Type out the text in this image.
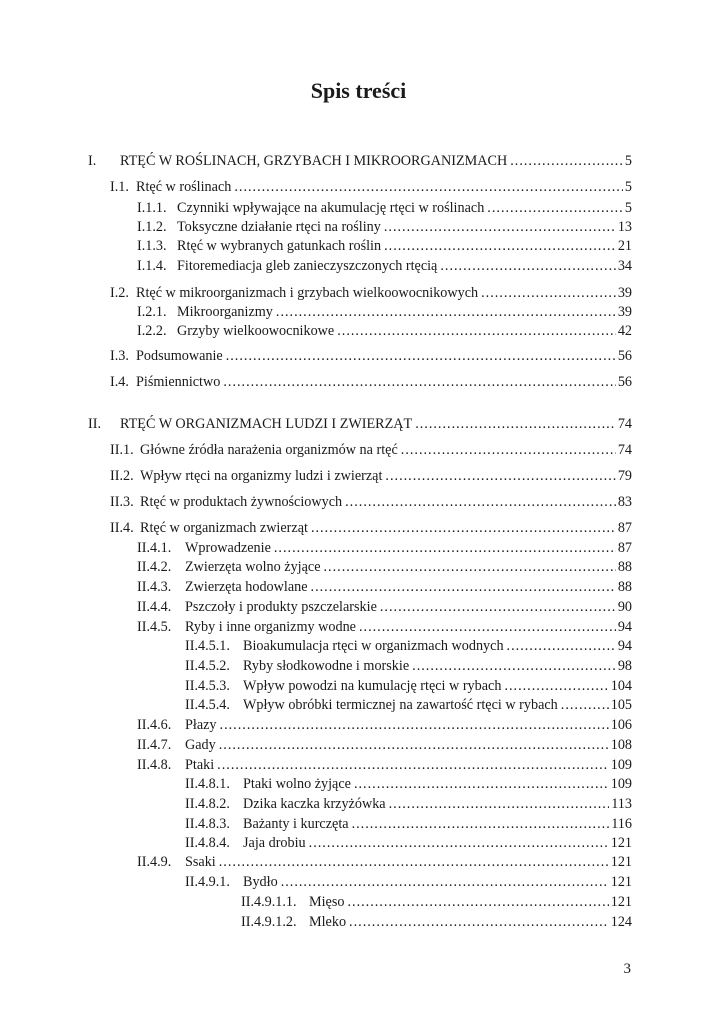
Spis treści
I.	RTĘĆ W ROŚLINACH, GRZYBACH I MIKROORGANIZMACH .....	5
I.1. Rtęć w roślinach .....	5
I.1.1. Czynniki wpływające na akumulację rtęci w roślinach .....	5
I.1.2. Toksyczne działanie rtęci na rośliny .....	13
I.1.3. Rtęć w wybranych gatunkach roślin .....	21
I.1.4. Fitoremediacja gleb zanieczyszczonych rtęcią .....	34
I.2. Rtęć w mikroorganizmach i grzybach wielkoowocnikowych .....	39
I.2.1. Mikroorganizmy .....	39
I.2.2. Grzyby wielkoowocnikowe .....	42
I.3. Podsumowanie .....	56
I.4. Piśmiennictwo .....	56
II.	RTĘĆ W ORGANIZMACH LUDZI I ZWIERZĄT .....	74
II.1. Główne źródła narażenia organizmów na rtęć .....	74
II.2. Wpływ rtęci na organizmy ludzi i zwierząt .....	79
II.3. Rtęć w produktach żywnościowych .....	83
II.4. Rtęć w organizmach zwierząt .....	87
II.4.1. Wprowadzenie .....	87
II.4.2. Zwierzęta wolno żyjące .....	88
II.4.3. Zwierzęta hodowlane .....	88
II.4.4. Pszczoły i produkty pszczelarskie .....	90
II.4.5. Ryby i inne organizmy wodne .....	94
II.4.5.1. Bioakumulacja rtęci w organizmach wodnych .....	94
II.4.5.2. Ryby słodkowodne i morskie .....	98
II.4.5.3. Wpływ powodzi na kumulację rtęci w rybach .....	104
II.4.5.4. Wpływ obróbki termicznej na zawartość rtęci w rybach .....	105
II.4.6. Płazy .....	106
II.4.7. Gady .....	108
II.4.8. Ptaki .....	109
II.4.8.1. Ptaki wolno żyjące .....	109
II.4.8.2. Dzika kaczka krzyżówka .....	113
II.4.8.3. Bażanty i kurczęta .....	116
II.4.8.4. Jaja drobiu .....	121
II.4.9. Ssaki .....	121
II.4.9.1. Bydło .....	121
II.4.9.1.1. Mięso .....	121
II.4.9.1.2. Mleko .....	124
3
